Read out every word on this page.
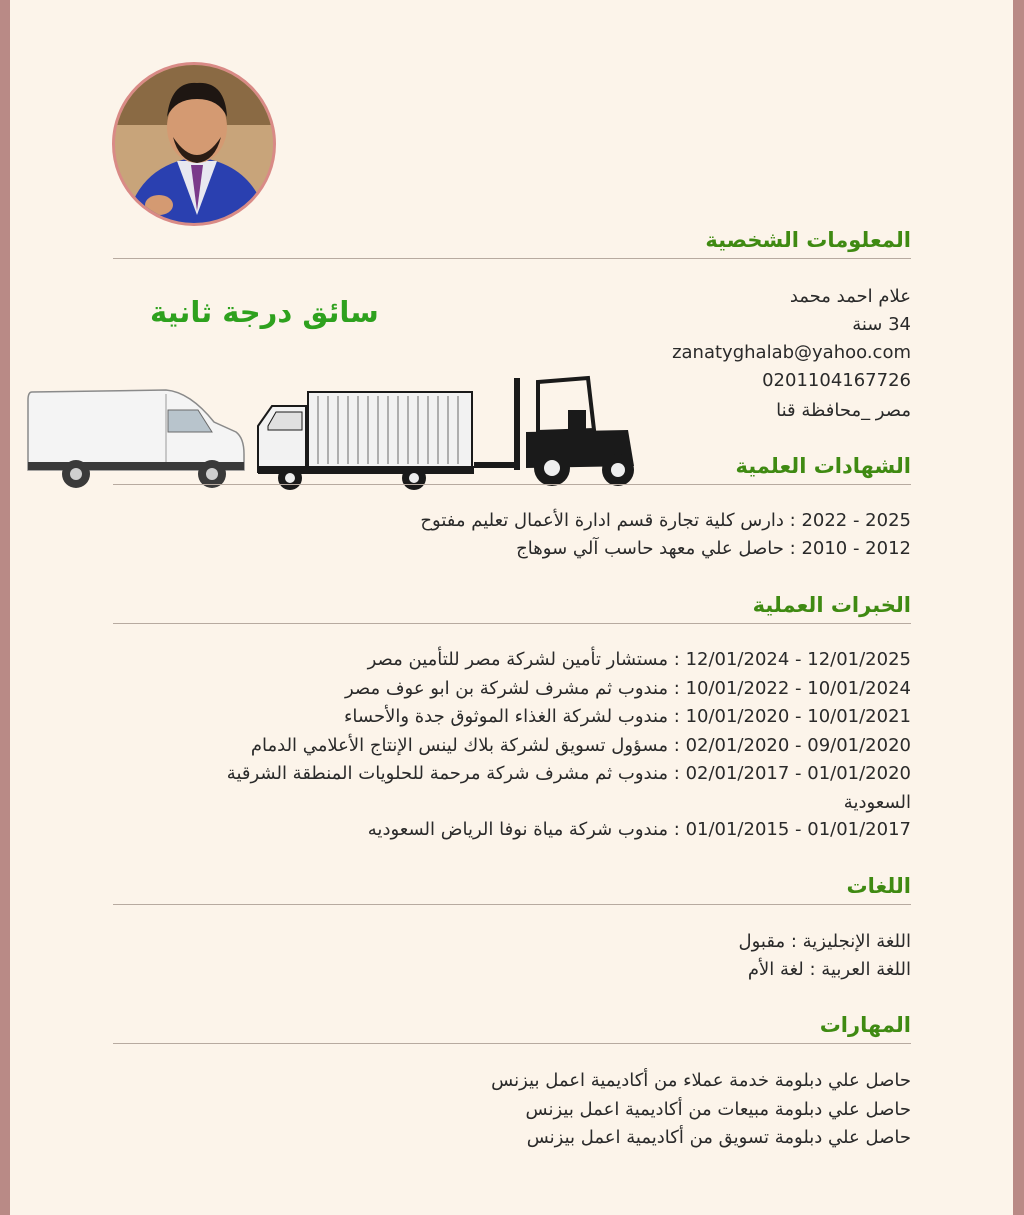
المعلومات الشخصية
سائق درجة ثانية	علام احمد محمد
34 سنة
zanatyghalab@yahoo.com
0201104167726
مصر _محافظة قنا
الشهادات العلمية
2022 - 2025 : دارس كلية تجارة قسم ادارة الأعمال تعليم مفتوح
2010 - 2012 : حاصل علي معهد حاسب آلي سوهاج
الخبرات العملية
12/01/2024 - 12/01/2025 : مستشار تأمين لشركة مصر للتأمين مصر
10/01/2022 - 10/01/2024 : مندوب ثم مشرف لشركة بن ابو عوف مصر
10/01/2020 - 10/01/2021 : مندوب لشركة الغذاء الموثوق جدة والأحساء
02/01/2020 - 09/01/2020 : مسؤول تسويق لشركة بلاك لينس الإنتاج الأعلامي الدمام
02/01/2017 - 01/01/2020 : مندوب ثم مشرف شركة مرحمة للحلويات المنطقة الشرقية
السعودية
01/01/2015 - 01/01/2017 : مندوب شركة مياة نوفا الرياض السعوديه
اللغات
اللغة الإنجليزية : مقبول
اللغة العربية : لغة الأم
المهارات
حاصل علي دبلومة خدمة عملاء من أكاديمية اعمل بيزنس
حاصل علي دبلومة مبيعات من أكاديمية اعمل بيزنس
حاصل علي دبلومة تسويق من أكاديمية اعمل بيزنس
